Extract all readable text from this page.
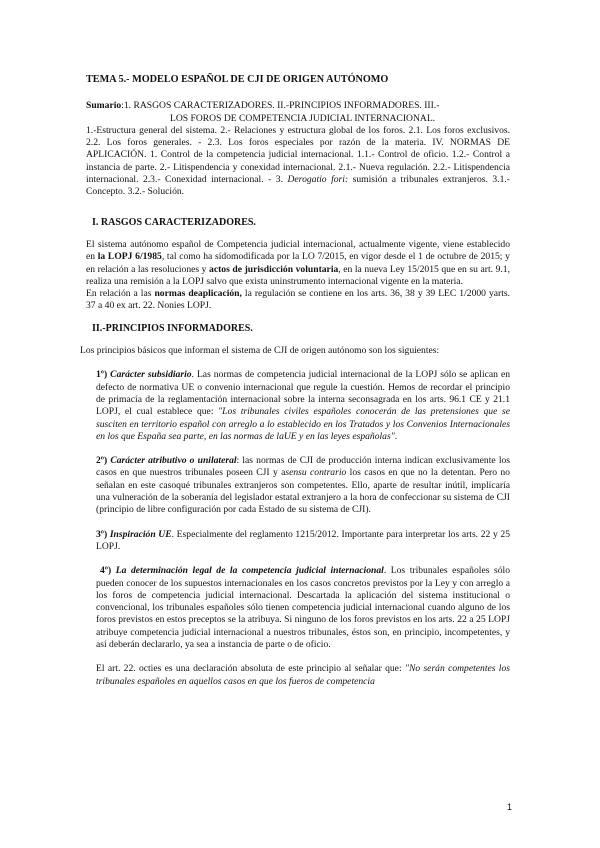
TEMA 5.- MODELO ESPAÑOL DE CJI DE ORIGEN AUTÓNOMO

Sumario:1. RASGOS CARACTERIZADORES. II.-PRINCIPIOS INFORMADORES. III.-
LOS FOROS DE COMPETENCIA JUDICIAL INTERNACIONAL.
1.-Estructura general del sistema. 2.- Relaciones y estructura global de los foros. 2.1. Los foros exclusivos. 2.2. Los foros generales. - 2.3. Los foros especiales por razón de la materia. IV. NORMAS DE APLICACIÓN. 1. Control de la competencia judicial internacional. 1.1.- Control de oficio. 1.2.- Control a instancia de parte. 2.- Litispendencia y conexidad internacional. 2.1.- Nueva regulación. 2.2.- Litispendencia internacional. 2.3.- Conexidad internacional. - 3. Derogatio fori: sumisión a tribunales extranjeros. 3.1.- Concepto. 3.2.- Solución.

I. RASGOS CARACTERIZADORES.

El sistema autónomo español de Competencia judicial internacional, actualmente vigente, viene establecido en la LOPJ 6/1985, tal como ha sidomodificada por la LO 7/2015, en vigor desde el 1 de octubre de 2015; y en relación a las resoluciones y actos de jurisdicción voluntaria, en la nueva Ley 15/2015 que en su art. 9.1, realiza una remisión a la LOPJ salvo que exista uninstrumento internacional vigente en la materia.

En relación a las normas deaplicación, la regulación se contiene en los arts. 36, 38 y 39 LEC 1/2000 yarts. 37 a 40 ex art. 22. Nonies LOPJ.

II.-PRINCIPIOS INFORMADORES.

Los principios básicos que informan el sistema de CJI de origen autónomo son los siguientes:

1º) Carácter subsidiario. Las normas de competencia judicial internacional de la LOPJ sólo se aplican en defecto de normativa UE o convenio internacional que regule la cuestión. Hemos de recordar el principio de primacía de la reglamentación internacional sobre la interna seconsagrada en los arts. 96.1 CE y 21.1 LOPJ, el cual establece que: "Los tribunales civiles españoles conocerán de las pretensiones que se susciten en territorio español con arreglo a lo establecido en los Tratados y los Convenios Internacionales en los que España sea parte, en las normas de laUE y en las leyes españolas".

2º) Carácter atributivo o unilateral: las normas de CJI de producción interna indican exclusivamente los casos en que nuestros tribunales poseen CJI y asensu contrario los casos en que no la detentan. Pero no señalan en este casoqué tribunales extranjeros son competentes. Ello, aparte de resultar inútil, implicaría una vulneración de la soberanía del legislador estatal extranjero a la hora de confeccionar su sistema de CJI (principio de libre configuración por cada Estado de su sistema de CJI).

3º) Inspiración UE. Especialmente del reglamento 1215/2012. Importante para interpretar los arts. 22 y 25 LOPJ.

4º) La determinación legal de la competencia judicial internacional. Los tribunales españoles sólo pueden conocer de los supuestos internacionales en los casos concretos previstos por la Ley y con arreglo a los foros de competencia judicial internacional. Descartada la aplicación del sistema institucional o convencional, los tribunales españoles sólo tienen competencia judicial internacional cuando alguno de los foros previstos en estos preceptos se la atribuya. Si ninguno de los foros previstos en los arts. 22 a 25 LOPJ atribuye competencia judicial internacional a nuestros tribunales, éstos son, en principio, incompetentes, y así deberán declararlo, ya sea a instancia de parte o de oficio.

El art. 22. octies es una declaración absoluta de este principio al señalar que: "No serán competentes los tribunales españoles en aquellos casos en que los fueros de competencia

1
